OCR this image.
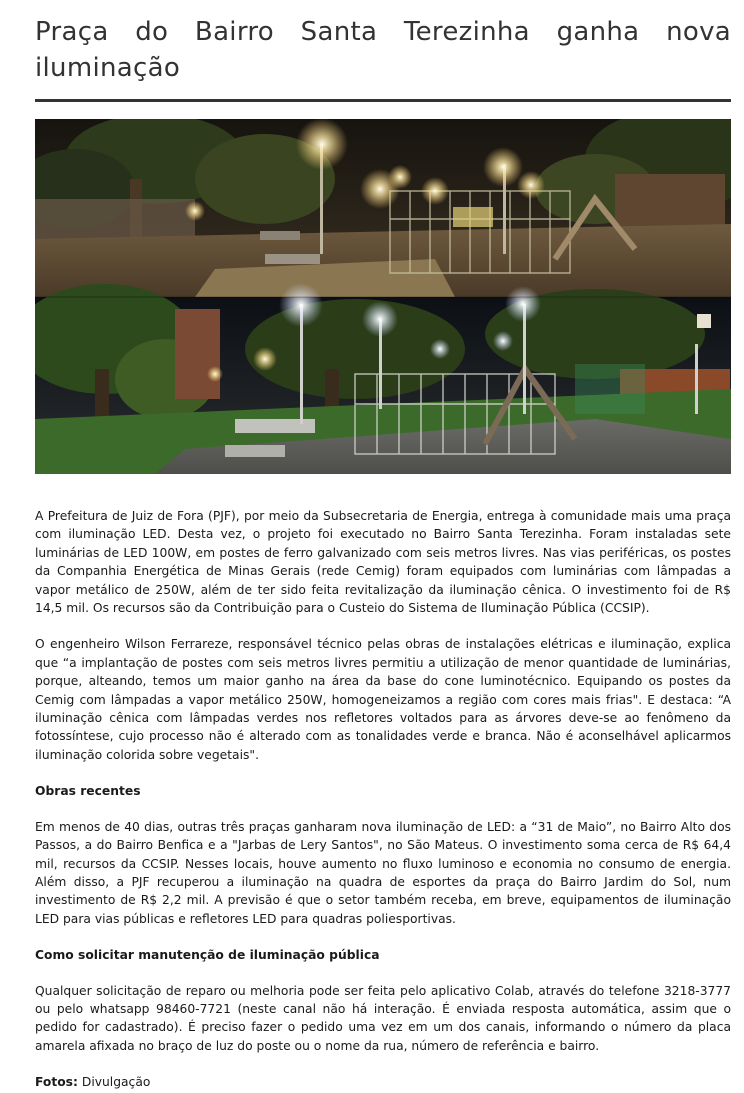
Praça do Bairro Santa Terezinha ganha nova iluminação

A Prefeitura de Juiz de Fora (PJF), por meio da Subsecretaria de Energia, entrega à comunidade mais uma praça com iluminação LED. Desta vez, o projeto foi executado no Bairro Santa Terezinha. Foram instaladas sete luminárias de LED 100W, em postes de ferro galvanizado com seis metros livres. Nas vias periféricas, os postes da Companhia Energética de Minas Gerais (rede Cemig) foram equipados com luminárias com lâmpadas a vapor metálico de 250W, além de ter sido feita revitalização da iluminação cênica. O investimento foi de R$ 14,5 mil. Os recursos são da Contribuição para o Custeio do Sistema de Iluminação Pública (CCSIP).

O engenheiro Wilson Ferrareze, responsável técnico pelas obras de instalações elétricas e iluminação, explica que “a implantação de postes com seis metros livres permitiu a utilização de menor quantidade de luminárias, porque, alteando, temos um maior ganho na área da base do cone luminotécnico. Equipando os postes da Cemig com lâmpadas a vapor metálico 250W, homogeneizamos a região com cores mais frias". E destaca: “A iluminação cênica com lâmpadas verdes nos refletores voltados para as árvores deve-se ao fenômeno da fotossíntese, cujo processo não é alterado com as tonalidades verde e branca. Não é aconselhável aplicarmos iluminação colorida sobre vegetais".

Obras recentes

Em menos de 40 dias, outras três praças ganharam nova iluminação de LED: a “31 de Maio”, no Bairro Alto dos Passos, a do Bairro Benfica e a "Jarbas de Lery Santos", no São Mateus. O investimento soma cerca de R$ 64,4 mil, recursos da CCSIP. Nesses locais, houve aumento no fluxo luminoso e economia no consumo de energia. Além disso, a PJF recuperou a iluminação na quadra de esportes da praça do Bairro Jardim do Sol, num investimento de R$ 2,2 mil. A previsão é que o setor também receba, em breve, equipamentos de iluminação LED para vias públicas e refletores LED para quadras poliesportivas.

Como solicitar manutenção de iluminação pública

Qualquer solicitação de reparo ou melhoria pode ser feita pelo aplicativo Colab, através do telefone 3218-3777 ou pelo whatsapp 98460-7721 (neste canal não há interação. É enviada resposta automática, assim que o pedido for cadastrado). É preciso fazer o pedido uma vez em um dos canais, informando o número da placa amarela afixada no braço de luz do poste ou o nome da rua, número de referência e bairro.

Fotos: Divulgação
